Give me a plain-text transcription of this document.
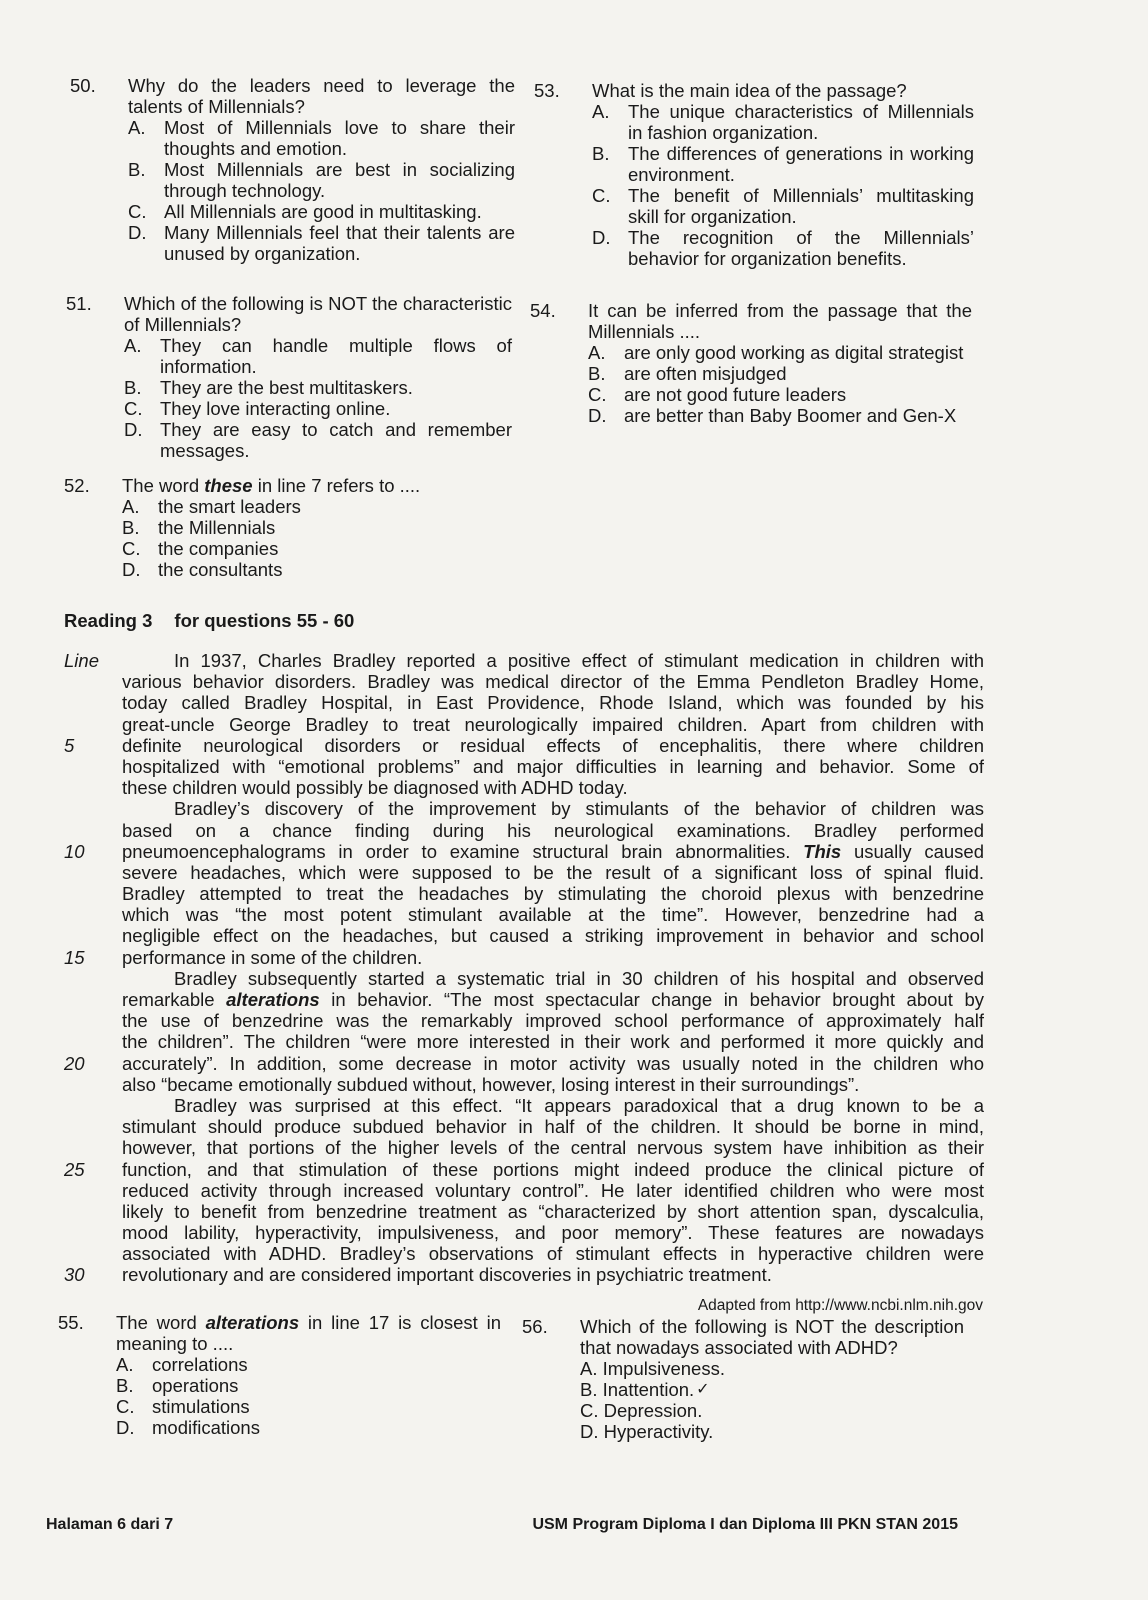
50. Why do the leaders need to leverage the talents of Millennials?
A.	Most of Millennials love to share their thoughts and emotion.
B.	Most Millennials are best in socializing through technology.
C. All Millennials are good in multitasking.
D. Many Millennials feel that their talents are unused by organization.
51. Which of the following is NOT the characteristic of Millennials?
A.	They can handle multiple flows of information.
B.	They are the best multitaskers.
C. They love interacting online.
D. They are easy to catch and remember messages.
52. The word these in line 7 refers to ....
A.	the smart leaders
B.	the Millennials
C. the companies
D. the consultants
53. What is the main idea of the passage?
A.	The unique characteristics of Millennials in fashion organization.
B.	The differences of generations in working environment.
C. The benefit of Millennials’ multitasking skill for organization.
D. The recognition of the Millennials’ behavior for organization benefits.
54. It can be inferred from the passage that the Millennials ....
A.	are only good working as digital strategist
B.	are often misjudged
C. are not good future leaders
D. are better than Baby Boomer and Gen-X
Reading 3 for questions 55 - 60
Line	In 1937, Charles Bradley reported a positive effect of stimulant medication in children with
various behavior disorders. Bradley was medical director of the Emma Pendleton Bradley Home,
today called Bradley Hospital, in East Providence, Rhode Island, which was founded by his
great-uncle George Bradley to treat neurologically impaired children. Apart from children with
5	definite neurological disorders or residual effects of encephalitis, there where children
hospitalized with “emotional problems” and major difficulties in learning and behavior. Some of
these children would possibly be diagnosed with ADHD today.
Bradley’s discovery of the improvement by stimulants of the behavior of children was
based on a chance finding during his neurological examinations. Bradley performed
10	pneumoencephalograms in order to examine structural brain abnormalities. This usually caused
severe headaches, which were supposed to be the result of a significant loss of spinal fluid.
Bradley attempted to treat the headaches by stimulating the choroid plexus with benzedrine
which was “the most potent stimulant available at the time”. However, benzedrine had a
negligible effect on the headaches, but caused a striking improvement in behavior and school
15	performance in some of the children.
Bradley subsequently started a systematic trial in 30 children of his hospital and observed
remarkable alterations in behavior. “The most spectacular change in behavior brought about by
the use of benzedrine was the remarkably improved school performance of approximately half
the children”. The children “were more interested in their work and performed it more quickly and
20	accurately”. In addition, some decrease in motor activity was usually noted in the children who
also “became emotionally subdued without, however, losing interest in their surroundings”.
Bradley was surprised at this effect. “It appears paradoxical that a drug known to be a
stimulant should produce subdued behavior in half of the children. It should be borne in mind,
however, that portions of the higher levels of the central nervous system have inhibition as their
25	function, and that stimulation of these portions might indeed produce the clinical picture of
reduced activity through increased voluntary control”. He later identified children who were most
likely to benefit from benzedrine treatment as “characterized by short attention span, dyscalculia,
mood lability, hyperactivity, impulsiveness, and poor memory”. These features are nowadays
associated with ADHD. Bradley’s observations of stimulant effects in hyperactive children were
30	revolutionary and are considered important discoveries in psychiatric treatment.
Adapted from http://www.ncbi.nlm.nih.gov
55. The word alterations in line 17 is closest in meaning to ....
A.	correlations
B.	operations
C. stimulations
D. modifications
56. Which of the following is NOT the description that nowadays associated with ADHD?
A.
Impulsiveness.
B.
Inattention. ✓
C.
Depression.
D.
Hyperactivity.
Halaman 6 dari 7	USM Program Diploma I dan Diploma III PKN STAN 2015
